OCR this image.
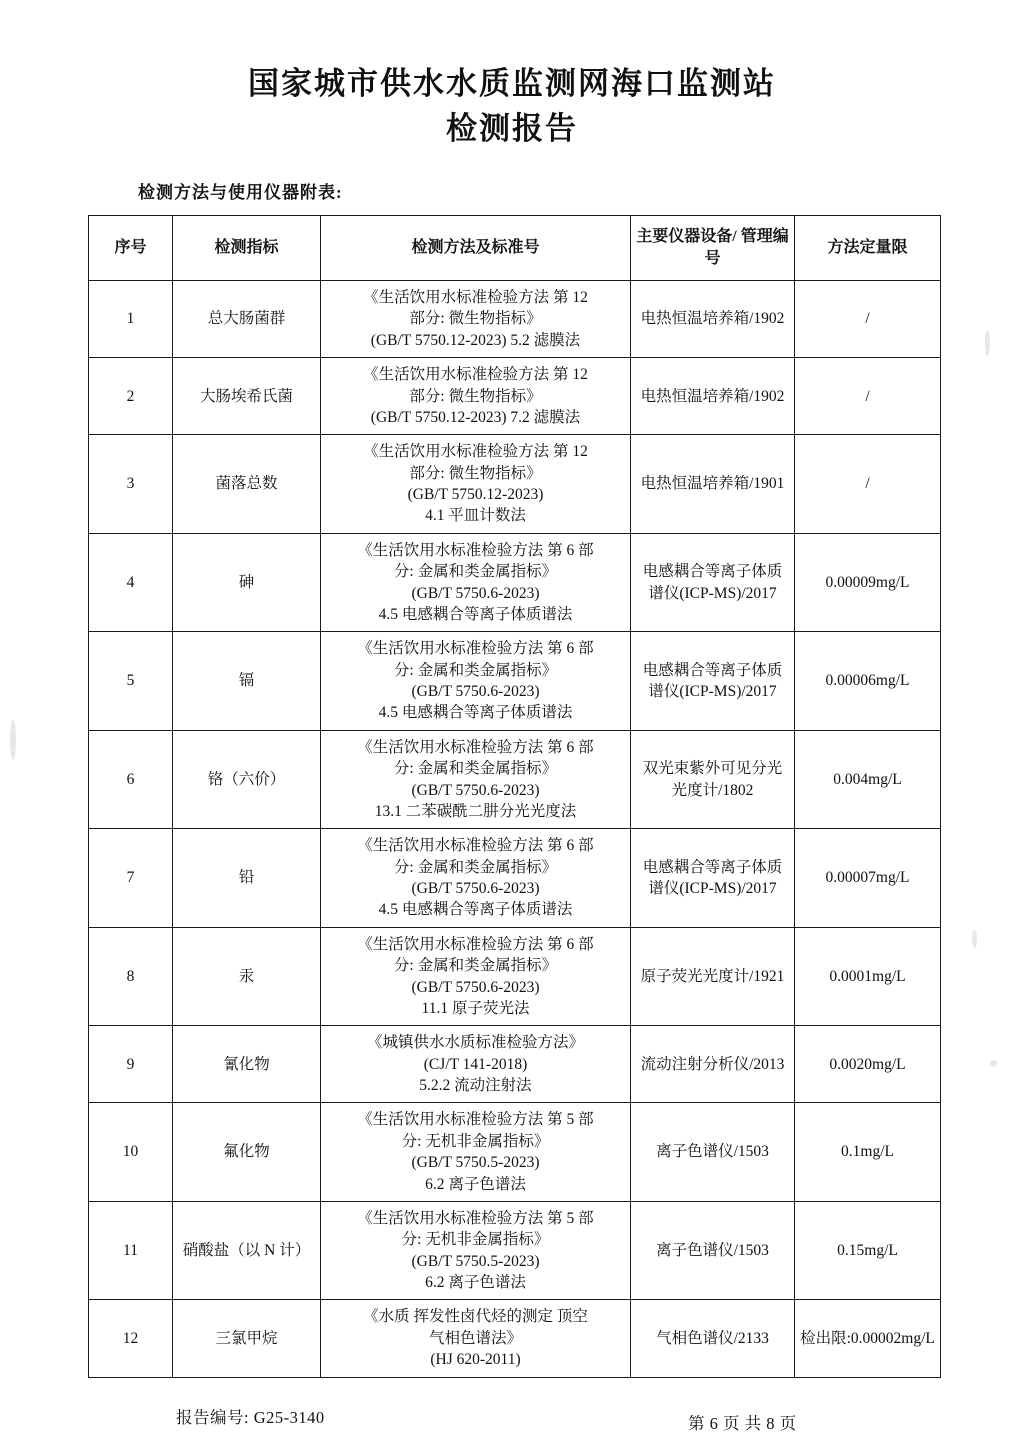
国家城市供水水质监测网海口监测站
检测报告
检测方法与使用仪器附表:
序号	检测指标	检测方法及标准号	主要仪器设备/ 管理编号	方法定量限
1	总大肠菌群	《生活饮用水标准检验方法 第 12
部分: 微生物指标》
(GB/T 5750.12-2023) 5.2 滤膜法	电热恒温培养箱/1902	/
2	大肠埃希氏菌	《生活饮用水标准检验方法 第 12
部分: 微生物指标》
(GB/T 5750.12-2023) 7.2 滤膜法	电热恒温培养箱/1902	/
3	菌落总数	《生活饮用水标准检验方法 第 12
部分: 微生物指标》
(GB/T 5750.12-2023)
4.1 平皿计数法	电热恒温培养箱/1901	/
4	砷	《生活饮用水标准检验方法 第 6 部
分: 金属和类金属指标》
(GB/T 5750.6-2023)
4.5 电感耦合等离子体质谱法	电感耦合等离子体质谱仪(ICP-MS)/2017	0.00009mg/L
5	镉	《生活饮用水标准检验方法 第 6 部
分: 金属和类金属指标》
(GB/T 5750.6-2023)
4.5 电感耦合等离子体质谱法	电感耦合等离子体质谱仪(ICP-MS)/2017	0.00006mg/L
6	铬（六价）	《生活饮用水标准检验方法 第 6 部
分: 金属和类金属指标》
(GB/T 5750.6-2023)
13.1 二苯碳酰二肼分光光度法	双光束紫外可见分光光度计/1802	0.004mg/L
7	铅	《生活饮用水标准检验方法 第 6 部
分: 金属和类金属指标》
(GB/T 5750.6-2023)
4.5 电感耦合等离子体质谱法	电感耦合等离子体质谱仪(ICP-MS)/2017	0.00007mg/L
8	汞	《生活饮用水标准检验方法 第 6 部
分: 金属和类金属指标》
(GB/T 5750.6-2023)
11.1 原子荧光法	原子荧光光度计/1921	0.0001mg/L
9	氰化物	《城镇供水水质标准检验方法》
(CJ/T 141-2018)
5.2.2 流动注射法	流动注射分析仪/2013	0.0020mg/L
10	氟化物	《生活饮用水标准检验方法 第 5 部
分: 无机非金属指标》
(GB/T 5750.5-2023)
6.2 离子色谱法	离子色谱仪/1503	0.1mg/L
11	硝酸盐（以 N 计）	《生活饮用水标准检验方法 第 5 部
分: 无机非金属指标》
(GB/T 5750.5-2023)
6.2 离子色谱法	离子色谱仪/1503	0.15mg/L
12	三氯甲烷	《水质 挥发性卤代烃的测定 顶空
气相色谱法》
(HJ 620-2011)	气相色谱仪/2133	检出限:0.00002mg/L
报告编号: G25-3140	第 6 页 共 8 页
